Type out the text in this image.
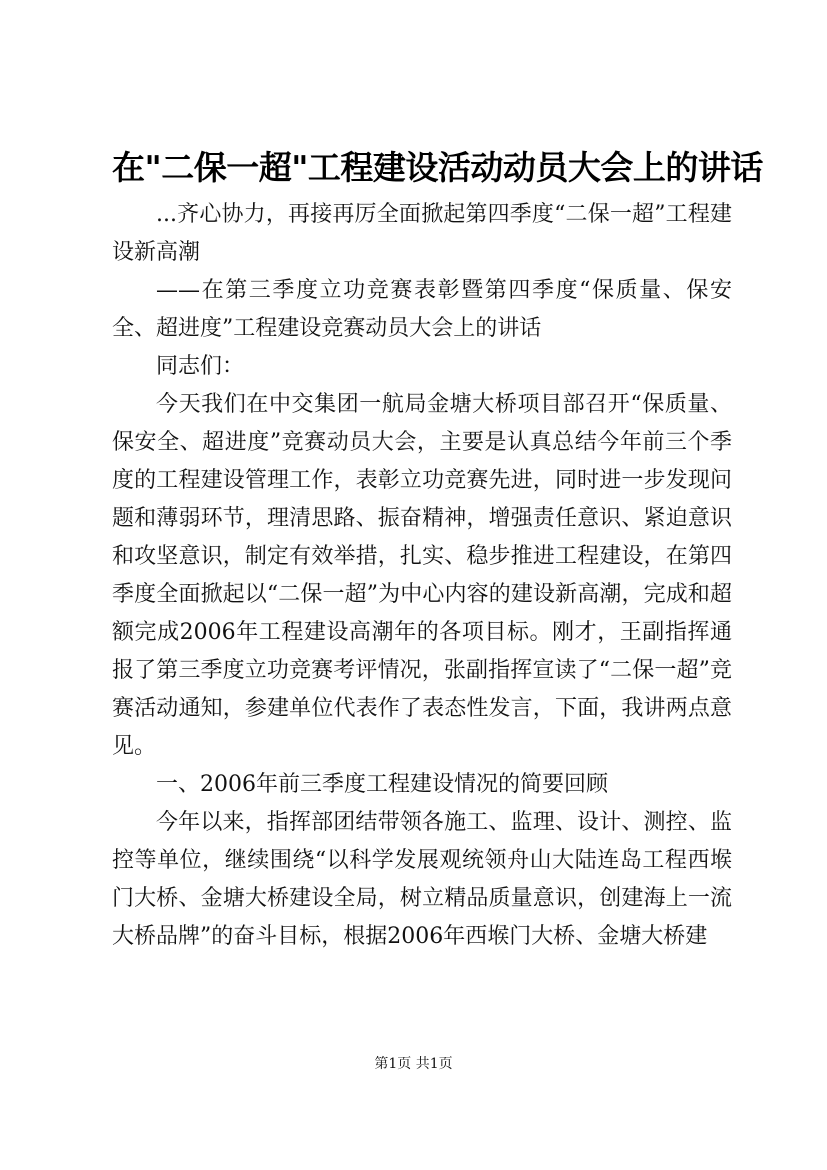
在"二保一超"工程建设活动动员大会上的讲话

...齐心协力，再接再厉全面掀起第四季度“二保一超”工程建设新高潮

——在第三季度立功竞赛表彰暨第四季度“保质量、保安全、超进度”工程建设竞赛动员大会上的讲话

同志们：

今天我们在中交集团一航局金塘大桥项目部召开“保质量、保安全、超进度”竞赛动员大会，主要是认真总结今年前三个季度的工程建设管理工作，表彰立功竞赛先进，同时进一步发现问题和薄弱环节，理清思路、振奋精神，增强责任意识、紧迫意识和攻坚意识，制定有效举措，扎实、稳步推进工程建设，在第四季度全面掀起以“二保一超”为中心内容的建设新高潮，完成和超额完成2006年工程建设高潮年的各项目标。刚才，王副指挥通报了第三季度立功竞赛考评情况，张副指挥宣读了“二保一超”竞赛活动通知，参建单位代表作了表态性发言，下面，我讲两点意见。

一、2006年前三季度工程建设情况的简要回顾

今年以来，指挥部团结带领各施工、监理、设计、测控、监控等单位，继续围绕“以科学发展观统领舟山大陆连岛工程西堠门大桥、金塘大桥建设全局，树立精品质量意识，创建海上一流大桥品牌”的奋斗目标，根据2006年西堠门大桥、金塘大桥建

第1页 共1页
